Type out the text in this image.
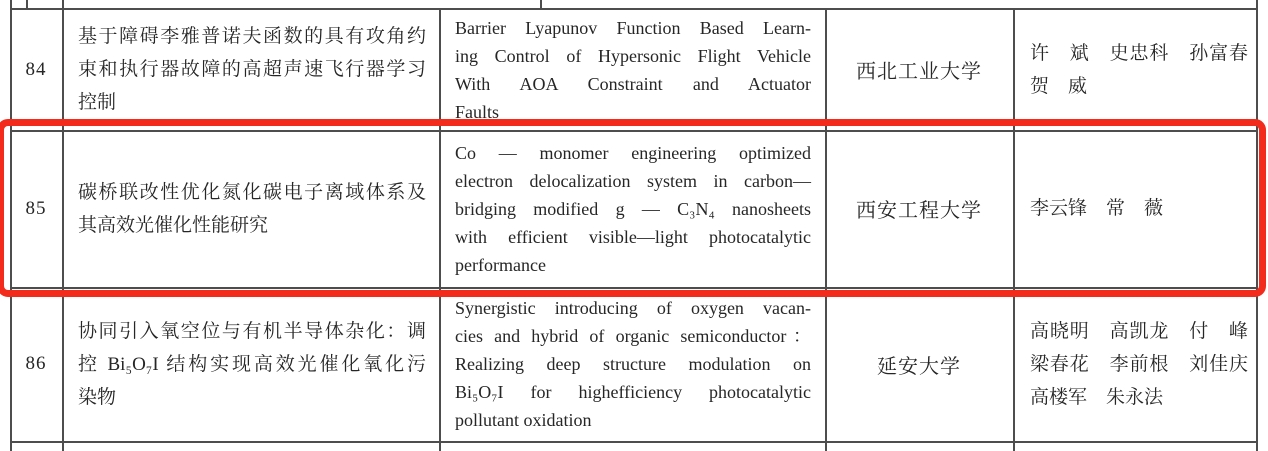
84
基于障碍李雅普诺夫函数的具有攻角约
束和执行器故障的高超声速飞行器学习
控制
Barrier Lyapunov Function Based Learn-
ing Control of Hypersonic Flight Vehicle
With AOA Constraint and Actuator
Faults
西北工业大学
许　斌　史忠科　孙富春
贺　威
85
碳桥联改性优化氮化碳电子离域体系及
其高效光催化性能研究
Co — monomer engineering optimized
electron delocalization system in carbon—
bridging modified g — C₃N₄ nanosheets
with efficient visible—light photocatalytic
performance
西安工程大学	李云锋　常　薇
86
协同引入氧空位与有机半导体杂化：调
控 Bi₅O₇I 结构实现高效光催化氧化污
染物
Synergistic introducing of oxygen vacan-
cies and hybrid of organic semiconductor：
Realizing deep structure modulation on
Bi₅O₇I for highefficiency photocatalytic
pollutant oxidation
延安大学
高晓明　高凯龙　付　峰
梁春花　李前根　刘佳庆
高楼军　朱永法
